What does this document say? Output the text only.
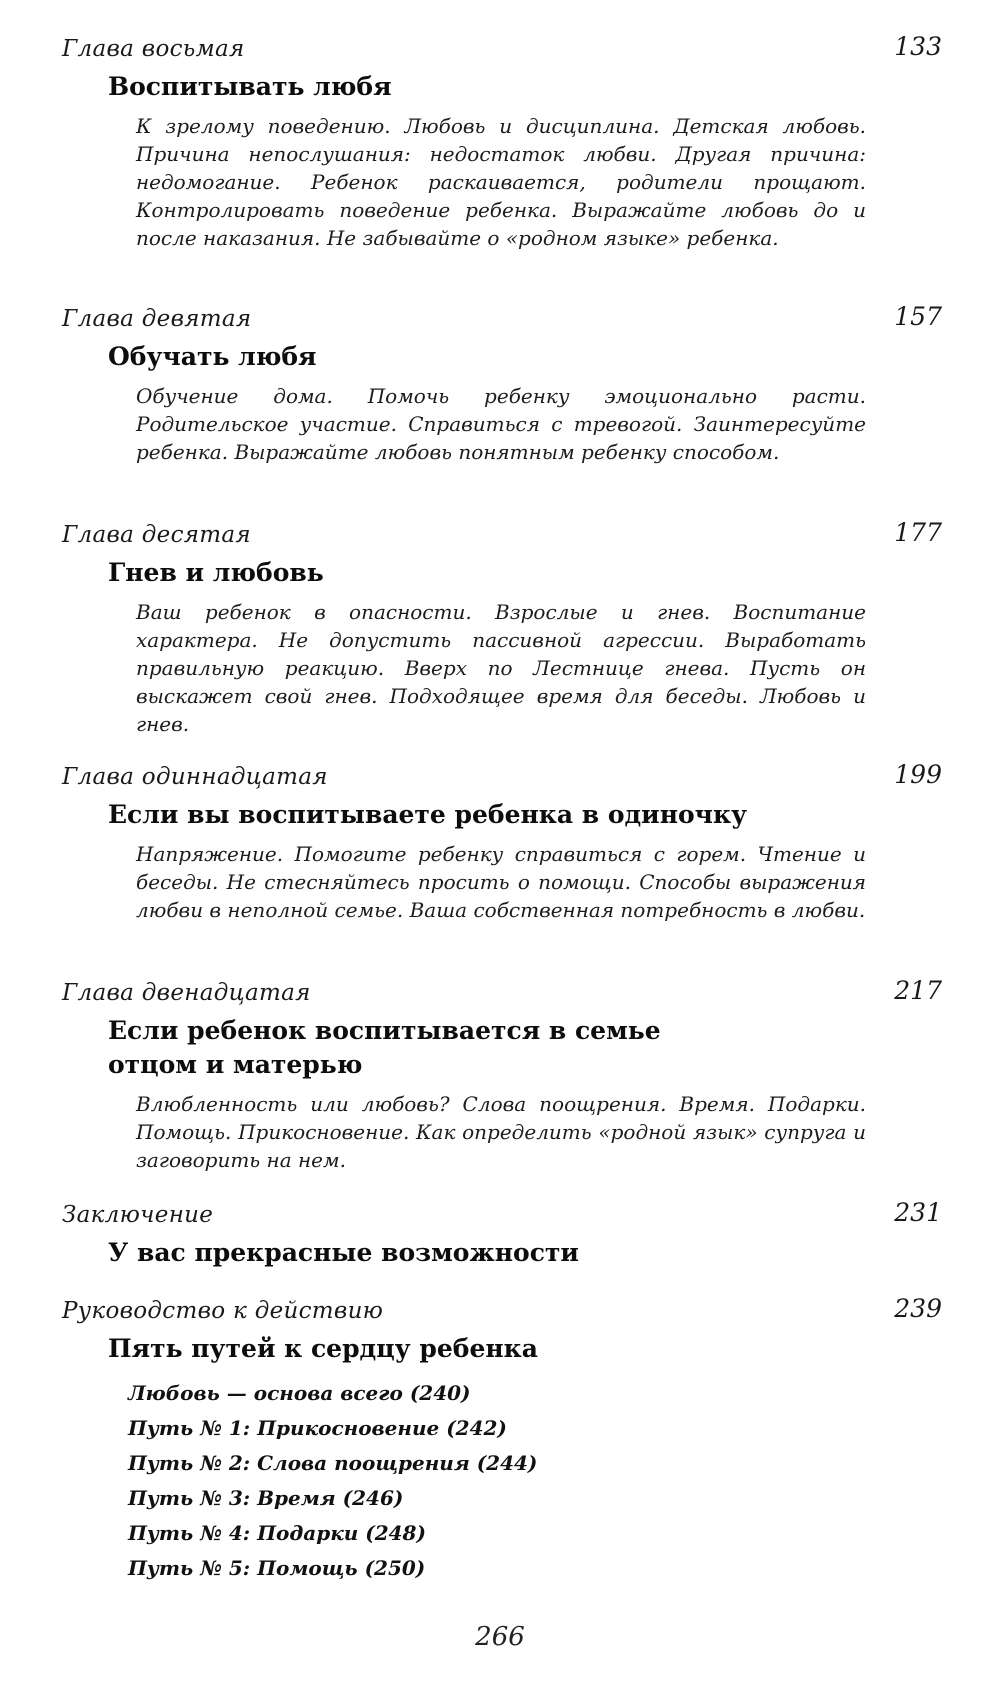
Глава восьмая	133
Воспитывать любя
К зрелому поведению. Любовь и дисциплина. Детская любовь. Причина непослушания: недостаток любви. Другая причина: недомогание. Ребенок раскаивается, родители прощают. Контролировать поведение ребенка. Выражайте любовь до и после наказания. Не забывайте о «родном языке» ребенка.
Глава девятая	157
Обучать любя
Обучение дома. Помочь ребенку эмоционально расти. Родительское участие. Справиться с тревогой. Заинтересуйте ребенка. Выражайте любовь понятным ребенку способом.
Глава десятая	177
Гнев и любовь
Ваш ребенок в опасности. Взрослые и гнев. Воспитание характера. Не допустить пассивной агрессии. Выработать правильную реакцию. Вверх по Лестнице гнева. Пусть он выскажет свой гнев. Подходящее время для беседы. Любовь и гнев.
Глава одиннадцатая	199
Если вы воспитываете ребенка в одиночку
Напряжение. Помогите ребенку справиться с горем. Чтение и беседы. Не стесняйтесь просить о помощи. Способы выражения любви в неполной семье. Ваша собственная потребность в любви.
Глава двенадцатая	217
Если ребенок воспитывается в семье отцом и матерью
Влюбленность или любовь? Слова поощрения. Время. Подарки. Помощь. Прикосновение. Как определить «родной язык» супруга и заговорить на нем.
Заключение	231
У вас прекрасные возможности
Руководство к действию	239
Пять путей к сердцу ребенка
Любовь — основа всего (240)
Путь № 1: Прикосновение (242)
Путь № 2: Слова поощрения (244)
Путь № 3: Время (246)
Путь № 4: Подарки (248)
Путь № 5: Помощь (250)
266
